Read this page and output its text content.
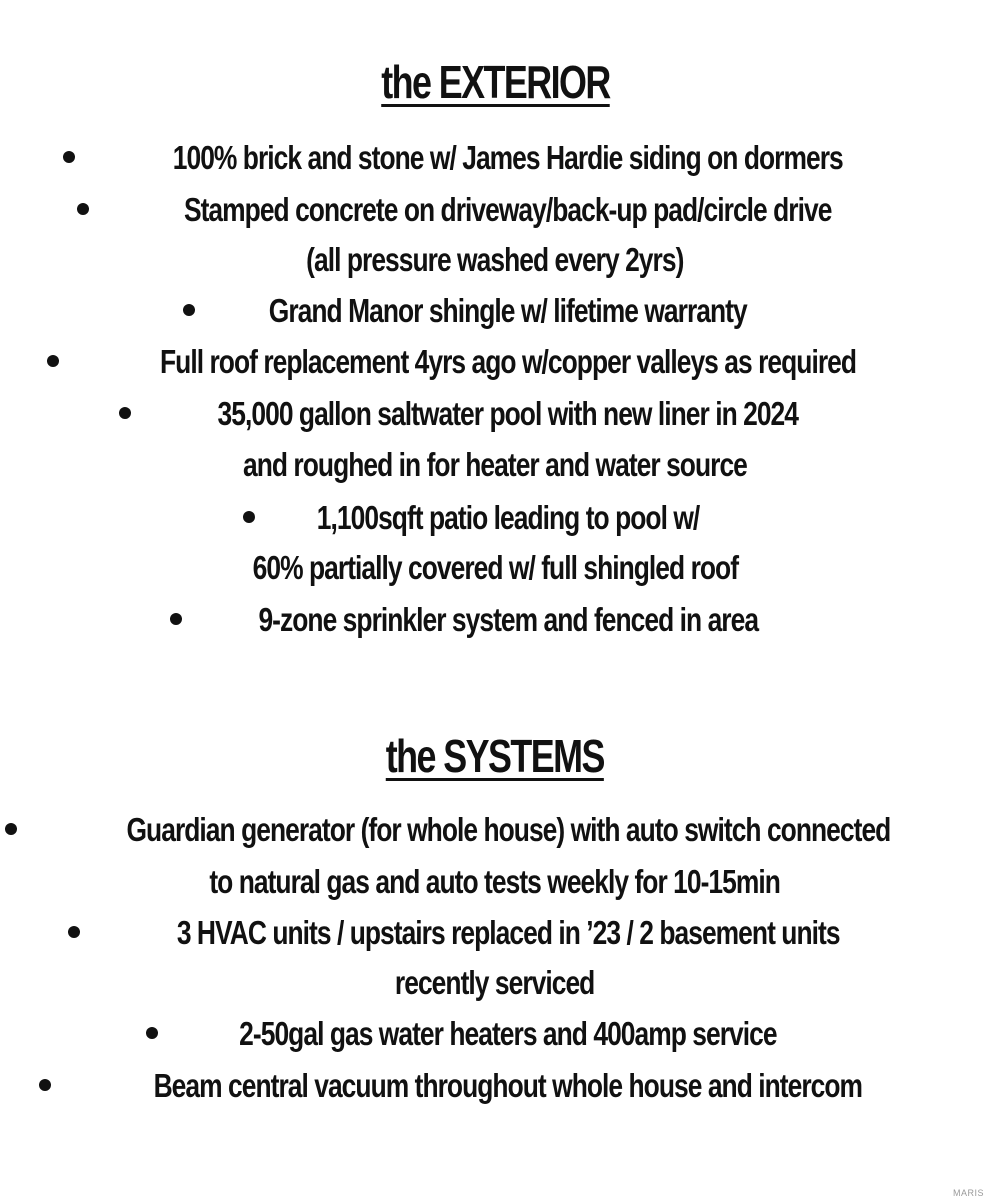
the EXTERIOR
100% brick and stone w/ James Hardie siding on dormers
Stamped concrete on driveway/back-up pad/circle drive
(all pressure washed every 2yrs)
Grand Manor shingle w/ lifetime warranty
Full roof replacement 4yrs ago w/copper valleys as required
35,000 gallon saltwater pool with new liner in 2024
and roughed in for heater and water source
1,100sqft patio leading to pool w/
60% partially covered w/ full shingled roof
9-zone sprinkler system and fenced in area
the SYSTEMS
Guardian generator (for whole house) with auto switch connected
to natural gas and auto tests weekly for 10-15min
3 HVAC units / upstairs replaced in ’23 / 2 basement units
recently serviced
2-50gal gas water heaters and 400amp service
Beam central vacuum throughout whole house and intercom
MARIS
